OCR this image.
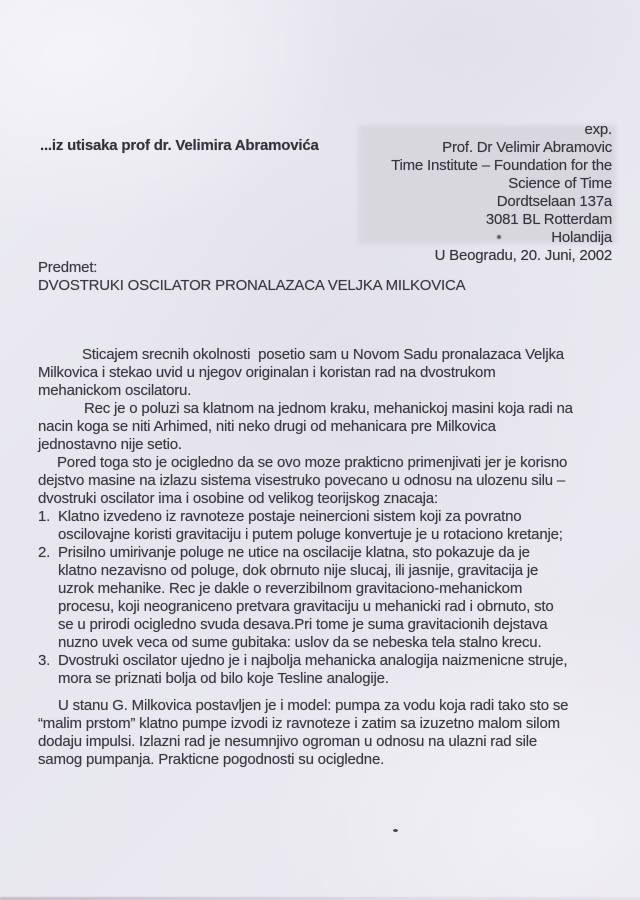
...iz utisaka prof dr. Velimira Abramovića
exp.
Prof. Dr Velimir Abramovic
Time Institute – Foundation for the
Science of Time
Dordtselaan 137a
3081 BL Rotterdam
Holandija
U Beogradu, 20. Juni, 2002
Predmet:
DVOSTRUKI OSCILATOR PRONALAZACA VELJKA MILKOVICA
Sticajem srecnih okolnosti  posetio sam u Novom Sadu pronalazaca Veljka
Milkovica i stekao uvid u njegov originalan i koristan rad na dvostrukom
mehanickom oscilatoru.
Rec je o poluzi sa klatnom na jednom kraku, mehanickoj masini koja radi na
nacin koga se niti Arhimed, niti neko drugi od mehanicara pre Milkovica
jednostavno nije setio.
Pored toga sto je ocigledno da se ovo moze prakticno primenjivati jer je korisno
dejstvo masine na izlazu sistema visestruko povecano u odnosu na ulozenu silu –
dvostruki oscilator ima i osobine od velikog teorijskog znacaja:
1. Klatno izvedeno iz ravnoteze postaje neinercioni sistem koji za povratno
oscilovajne koristi gravitaciju i putem poluge konvertuje je u rotaciono kretanje;
2. Prisilno umirivanje poluge ne utice na oscilacije klatna, sto pokazuje da je
klatno nezavisno od poluge, dok obrnuto nije slucaj, ili jasnije, gravitacija je
uzrok mehanike. Rec je dakle o reverzibilnom gravitaciono-mehanickom
procesu, koji neograniceno pretvara gravitaciju u mehanicki rad i obrnuto, sto
se u prirodi ocigledno svuda desava.Pri tome je suma gravitacionih dejstava
nuzno uvek veca od sume gubitaka: uslov da se nebeska tela stalno krecu.
3. Dvostruki oscilator ujedno je i najbolja mehanicka analogija naizmenicne struje,
mora se priznati bolja od bilo koje Tesline analogije.
U stanu G. Milkovica postavljen je i model: pumpa za vodu koja radi tako sto se
“malim prstom” klatno pumpe izvodi iz ravnoteze i zatim sa izuzetno malom silom
dodaju impulsi. Izlazni rad je nesumnjivo ogroman u odnosu na ulazni rad sile
samog pumpanja. Prakticne pogodnosti su ocigledne.
